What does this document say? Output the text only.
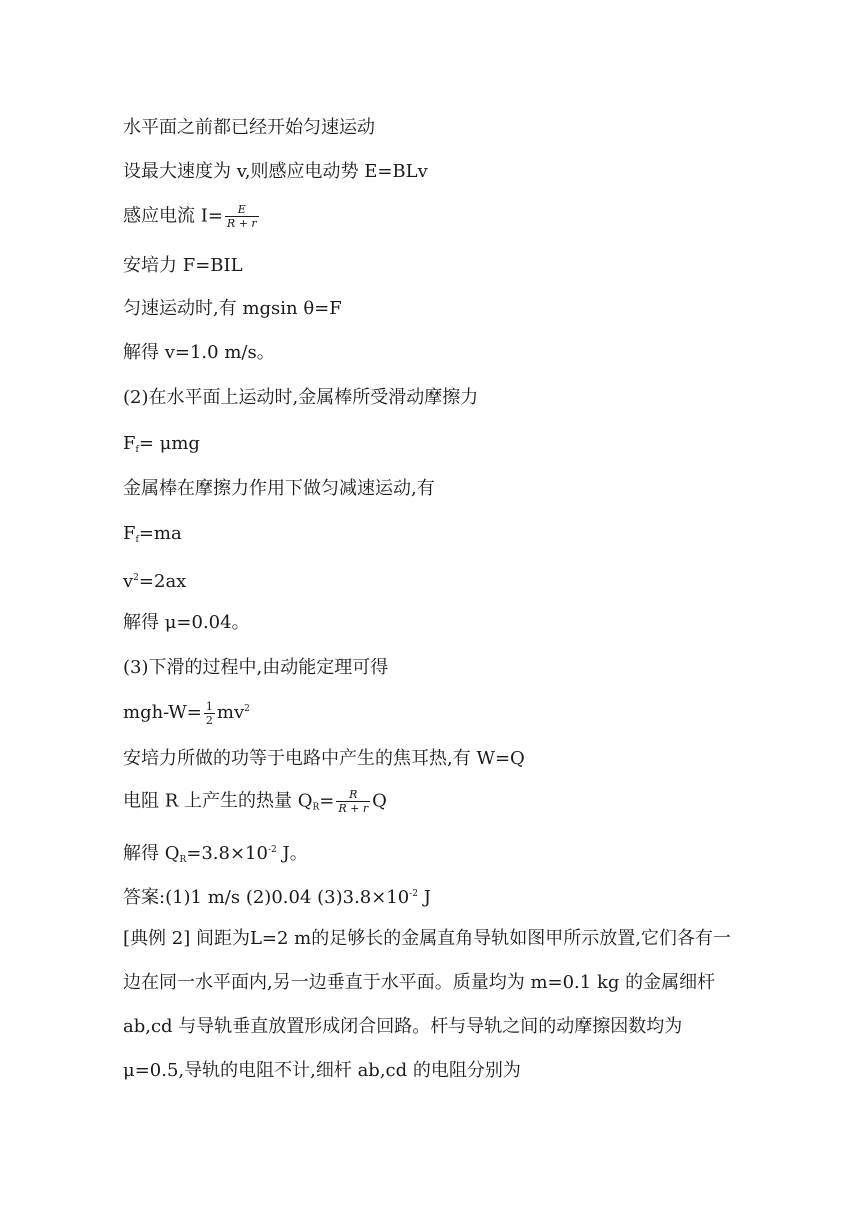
水平面之前都已经开始匀速运动
设最大速度为 v,则感应电动势 E=BLv
感应电流 $I= \frac{E}{R + r}$
安培力 F=BIL
匀速运动时,有 mgsin θ=F
解得 v=1.0 m/s。
(2)在水平面上运动时,金属棒所受滑动摩擦力
$F_f= \mu mg$
金属棒在摩擦力作用下做匀减速运动,有
$F_f=ma$
$v^2=2ax$
解得 μ=0.04。
(3)下滑的过程中,由动能定理可得
$mgh-W= \frac{1}{2} mv^2$
安培力所做的功等于电路中产生的焦耳热,有 W=Q
电阻 R 上产生的热量 $Q_R= \frac{R}{R + r}$ Q
解得 $Q_R=3.8\times 10^{-2}$ J。
答案:(1)1 m/s (2)0.04 $(3)3.8\times 10^{-2}$ J
[典例 2] 间距为L=2 m的足够长的金属直角导轨如图甲所示放置,它们各有一边在同一水平面内,另一边垂直于水平面。质量均为 m=0.1 kg 的金属细杆 ab,cd 与导轨垂直放置形成闭合回路。杆与导轨之间的动摩擦因数均为μ=0.5,导轨的电阻不计,细杆 ab,cd 的电阻分别为
